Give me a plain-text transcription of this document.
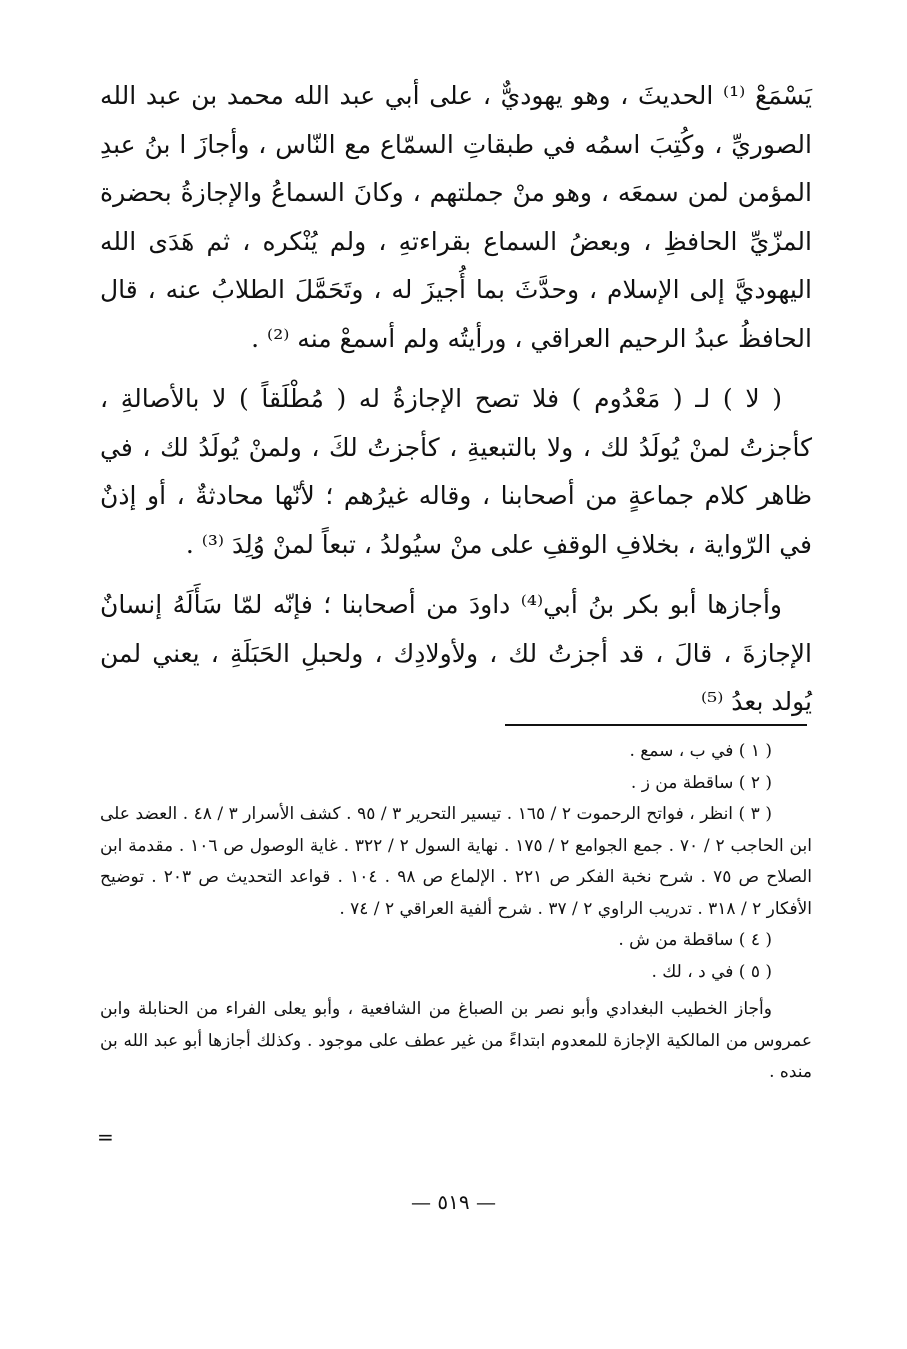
يَسْمَعْ ⁽¹⁾ الحديثَ ، وهو يهوديٌّ ، على أبي عبد الله محمد بن عبد الله الصوريِّ ، وكُتِبَ اسمُه في طبقاتِ السمّاع مع النّاس ، وأجازَ ا بنُ عبدِ المؤمن لمن سمعَه ، وهو منْ جملتهم ، وكانَ السماعُ والإجازةُ بحضرة المزّيِّ الحافظِ ، وبعضُ السماع بقراءتهِ ، ولم يُنْكره ، ثم هَدَى الله اليهوديَّ إلى الإسلام ، وحدَّثَ بما أُجيزَ له ، وتَحَمَّلَ الطلابُ عنه ، قال الحافظُ عبدُ الرحيم العراقي ، ورأيتُه ولم أسمعْ منه ⁽²⁾ .

( لا ) لـ ( مَعْدُوم ) فلا تصح الإجازةُ له ( مُطْلَقاً ) لا بالأصالةِ ، كأجزتُ لمنْ يُولَدُ لك ، ولا بالتبعيةِ ، كأجزتُ لكَ ، ولمنْ يُولَدُ لك ، في ظاهر كلام جماعةٍ من أصحابنا ، وقاله غيرُهم ؛ لأنّها محادثةٌ ، أو إذنٌ في الرّواية ، بخلافِ الوقفِ على منْ سيُولدُ ، تبعاً لمنْ وُلِدَ ⁽³⁾ .

وأجازها أبو بكر بنُ أبي⁽⁴⁾ داودَ من أصحابنا ؛ فإنّه لمّا سَأَلَهُ إنسانٌ الإجازةَ ، قالَ ، قد أجزتُ لك ، ولأولادِك ، ولحبلِ الحَبَلَةِ ، يعني لمن يُولد بعدُ ⁽⁵⁾

( ١ ) في ب ، سمع .

( ٢ ) ساقطة من ز .

( ٣ ) انظر ، فواتح الرحموت ٢ / ١٦٥ . تيسير التحرير ٣ / ٩٥ . كشف الأسرار ٣ / ٤٨ . العضد على ابن الحاجب ٢ / ٧٠ . جمع الجوامع ٢ / ١٧٥ . نهاية السول ٢ / ٣٢٢ . غاية الوصول ص ١٠٦ . مقدمة ابن الصلاح ص ٧٥ . شرح نخبة الفكر ص ٢٢١ . الإلماع ص ٩٨ . ١٠٤ . قواعد التحديث ص ٢٠٣ . توضيح الأفكار ٢ / ٣١٨ . تدريب الراوي ٢ / ٣٧ . شرح ألفية العراقي ٢ / ٧٤ .

( ٤ ) ساقطة من ش .

( ٥ ) في د ، لك .

وأجاز الخطيب البغدادي وأبو نصر بن الصباغ من الشافعية ، وأبو يعلى الفراء من الحنابلة وابن عمروس من المالكية الإجازة للمعدوم ابتداءً من غير عطف على موجود . وكذلك أجازها أبو عبد الله بن منده .

=
— ٥١٩ —
